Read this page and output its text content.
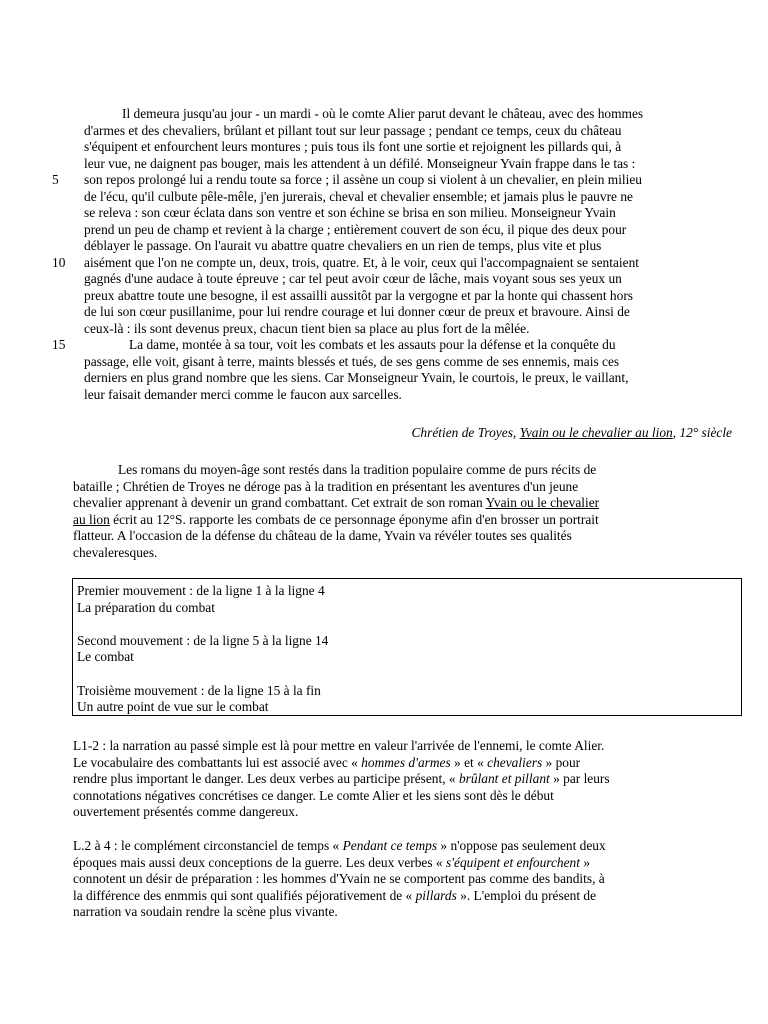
Il demeura jusqu'au jour - un mardi - où le comte Alier parut devant le château, avec des hommes
d'armes et des chevaliers, brûlant et pillant tout sur leur passage ; pendant ce temps, ceux du château
s'équipent et enfourchent leurs montures ; puis tous ils font une sortie et rejoignent les pillards qui, à
leur vue, ne daignent pas bouger, mais les attendent à un défilé. Monseigneur Yvain frappe dans le tas :
5	son repos prolongé lui a rendu toute sa force ; il assène un coup si violent à un chevalier, en plein milieu
de l'écu, qu'il culbute pêle-mêle, j'en jurerais, cheval et chevalier ensemble; et jamais plus le pauvre ne
se releva : son cœur éclata dans son ventre et son échine se brisa en son milieu. Monseigneur Yvain
prend un peu de champ et revient à la charge ; entièrement couvert de son écu, il pique des deux pour
déblayer le passage. On l'aurait vu abattre quatre chevaliers en un rien de temps, plus vite et plus
10	aisément que l'on ne compte un, deux, trois, quatre. Et, à le voir, ceux qui l'accompagnaient se sentaient
gagnés d'une audace à toute épreuve ; car tel peut avoir cœur de lâche, mais voyant sous ses yeux un
preux abattre toute une besogne, il est assailli aussitôt par la vergogne et par la honte qui chassent hors
de lui son cœur pusillanime, pour lui rendre courage et lui donner cœur de preux et bravoure. Ainsi de
ceux-là : ils sont devenus preux, chacun tient bien sa place au plus fort de la mêlée.
15	La dame, montée à sa tour, voit les combats et les assauts pour la défense et la conquête du
passage, elle voit, gisant à terre, maints blessés et tués, de ses gens comme de ses ennemis, mais ces
derniers en plus grand nombre que les siens. Car Monseigneur Yvain, le courtois, le preux, le vaillant,
leur faisait demander merci comme le faucon aux sarcelles.
Chrétien de Troyes, Yvain ou le chevalier au lion, 12° siècle
Les romans du moyen-âge sont restés dans la tradition populaire comme de purs récits de
bataille ; Chrétien de Troyes ne déroge pas à la tradition en présentant les aventures d'un jeune
chevalier apprenant à devenir un grand combattant. Cet extrait de son roman Yvain ou le chevalier
au lion écrit au 12°S. rapporte les combats de ce personnage éponyme afin d'en brosser un portrait
flatteur. A l'occasion de la défense du château de la dame, Yvain va révéler toutes ses qualités
chevaleresques.
Premier mouvement : de la ligne 1 à la ligne 4
La préparation du combat
Second mouvement : de la ligne 5 à la ligne 14
Le combat
Troisième mouvement : de la ligne 15 à la fin
Un autre point de vue sur le combat
L1-2 : la narration au passé simple est là pour mettre en valeur l'arrivée de l'ennemi, le comte Alier.
Le vocabulaire des combattants lui est associé avec « hommes d'armes » et « chevaliers » pour
rendre plus important le danger. Les deux verbes au participe présent, « brûlant et pillant » par leurs
connotations négatives concrétises ce danger. Le comte Alier et les siens sont dès le début
ouvertement présentés comme dangereux.
L.2 à 4 : le complément circonstanciel de temps « Pendant ce temps » n'oppose pas seulement deux
époques mais aussi deux conceptions de la guerre. Les deux verbes « s'équipent et enfourchent »
connotent un désir de préparation : les hommes d'Yvain ne se comportent pas comme des bandits, à
la différence des enmmis qui sont qualifiés péjorativement de « pillards ». L'emploi du présent de
narration va soudain rendre la scène plus vivante.
